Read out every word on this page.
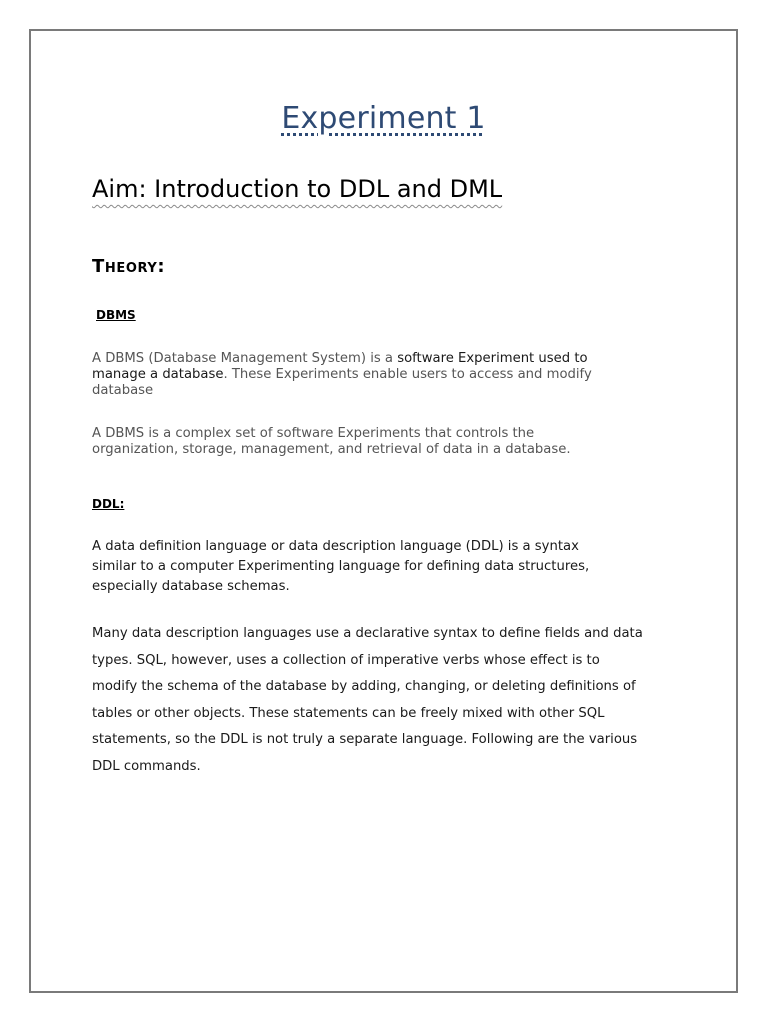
Experiment 1
Aim: Introduction to DDL and DML
Theory:
DBMS
A DBMS (Database Management System) is a software Experiment used to
manage a database. These Experiments enable users to access and modify
database
A DBMS is a complex set of software Experiments that controls the
organization, storage, management, and retrieval of data in a database.
DDL:
A data definition language or data description language (DDL) is a syntax
similar to a computer Experimenting language for defining data structures,
especially database schemas.
Many data description languages use a declarative syntax to define fields and data
types. SQL, however, uses a collection of imperative verbs whose effect is to
modify the schema of the database by adding, changing, or deleting definitions of
tables or other objects. These statements can be freely mixed with other SQL
statements, so the DDL is not truly a separate language. Following are the various
DDL commands.
